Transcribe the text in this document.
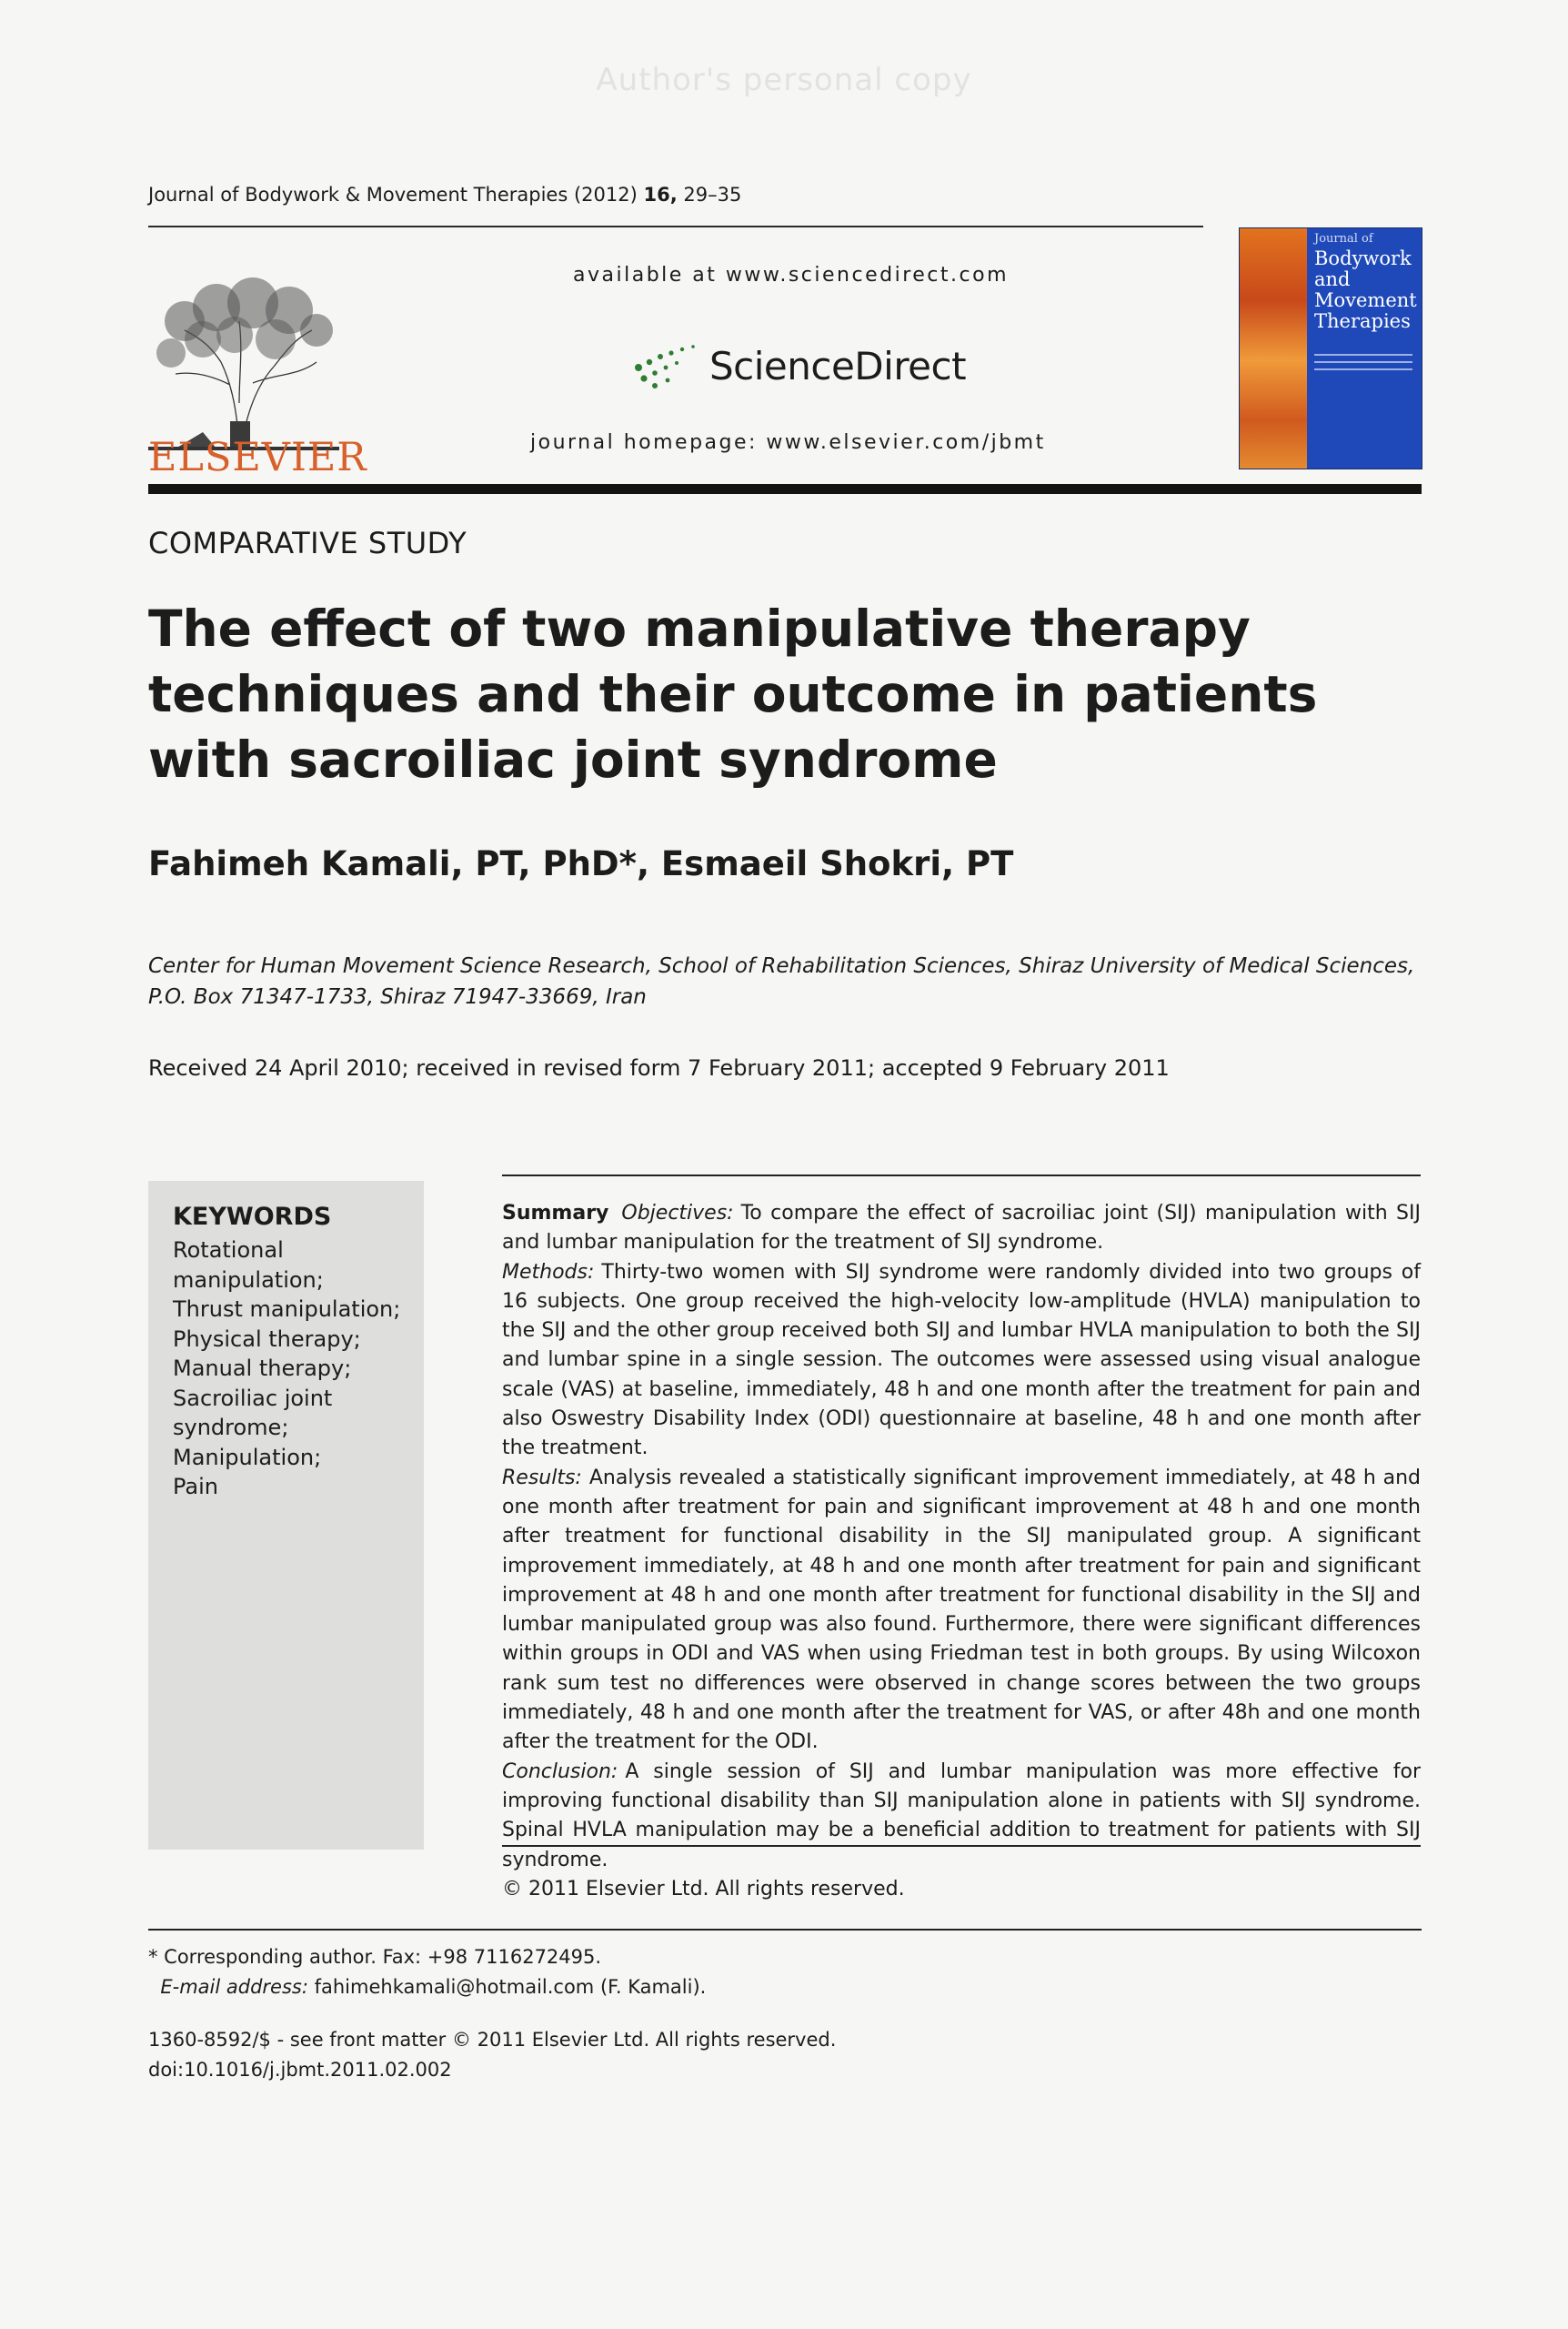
Author's personal copy
Journal of Bodywork & Movement Therapies (2012) 16, 29–35
ELSEVIER
available at www.sciencedirect.com
ScienceDirect
journal homepage: www.elsevier.com/jbmt
Journal of
Bodywork
and
Movement
Therapies
COMPARATIVE STUDY
The effect of two manipulative therapy techniques and their outcome in patients with sacroiliac joint syndrome
Fahimeh Kamali, PT, PhD*, Esmaeil Shokri, PT
Center for Human Movement Science Research, School of Rehabilitation Sciences, Shiraz University of Medical Sciences, P.O. Box 71347-1733, Shiraz 71947-33669, Iran
Received 24 April 2010; received in revised form 7 February 2011; accepted 9 February 2011
KEYWORDS
Rotational manipulation;
Thrust manipulation;
Physical therapy;
Manual therapy;
Sacroiliac joint syndrome;
Manipulation;
Pain

Summary Objectives: To compare the effect of sacroiliac joint (SIJ) manipulation with SIJ and lumbar manipulation for the treatment of SIJ syndrome.

Methods: Thirty-two women with SIJ syndrome were randomly divided into two groups of 16 subjects. One group received the high-velocity low-amplitude (HVLA) manipulation to the SIJ and the other group received both SIJ and lumbar HVLA manipulation to both the SIJ and lumbar spine in a single session. The outcomes were assessed using visual analogue scale (VAS) at baseline, immediately, 48 h and one month after the treatment for pain and also Oswestry Disability Index (ODI) questionnaire at baseline, 48 h and one month after the treatment.

Results: Analysis revealed a statistically significant improvement immediately, at 48 h and one month after treatment for pain and significant improvement at 48 h and one month after treatment for functional disability in the SIJ manipulated group. A significant improvement immediately, at 48 h and one month after treatment for pain and significant improvement at 48 h and one month after treatment for functional disability in the SIJ and lumbar manipulated group was also found. Furthermore, there were significant differences within groups in ODI and VAS when using Friedman test in both groups. By using Wilcoxon rank sum test no differences were observed in change scores between the two groups immediately, 48 h and one month after the treatment for VAS, or after 48h and one month after the treatment for the ODI.

Conclusion: A single session of SIJ and lumbar manipulation was more effective for improving functional disability than SIJ manipulation alone in patients with SIJ syndrome. Spinal HVLA manipulation may be a beneficial addition to treatment for patients with SIJ syndrome.

© 2011 Elsevier Ltd. All rights reserved.

* Corresponding author. Fax: +98 7116272495.
E-mail address: fahimehkamali@hotmail.com (F. Kamali).
1360-8592/$ - see front matter © 2011 Elsevier Ltd. All rights reserved.
doi:10.1016/j.jbmt.2011.02.002
